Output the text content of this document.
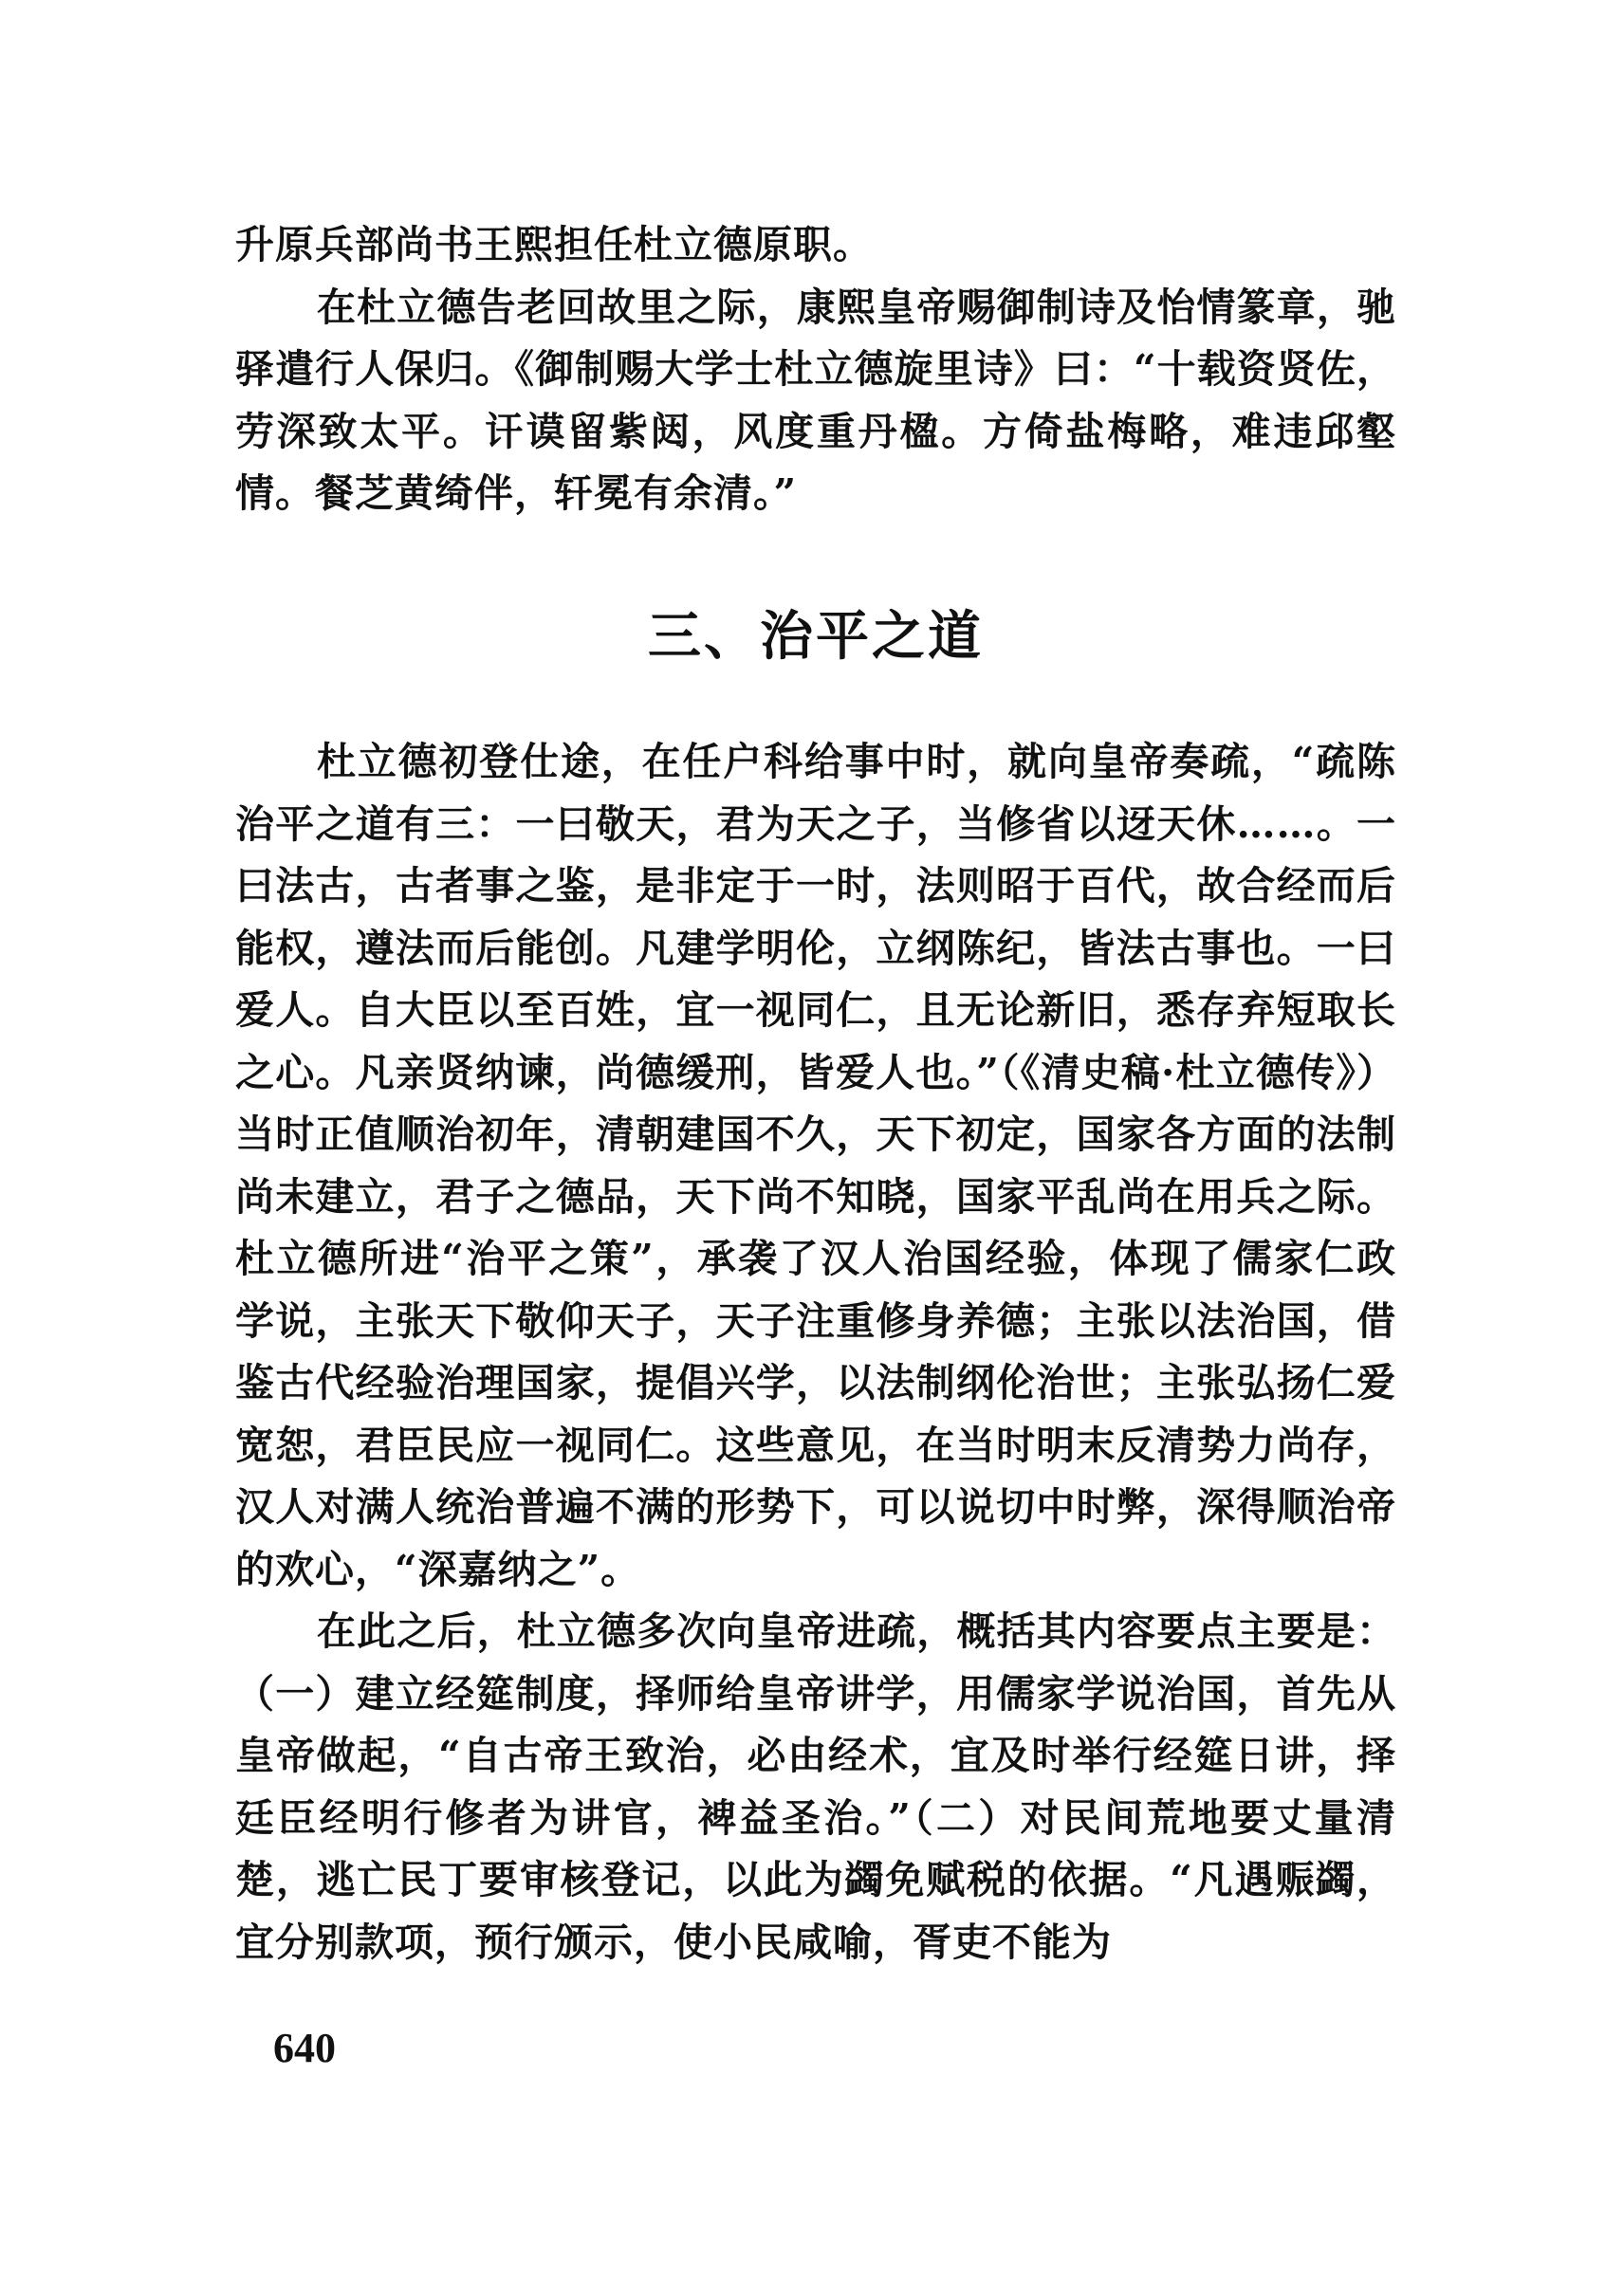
升原兵部尚书王熙担任杜立德原职。

在杜立德告老回故里之际，康熙皇帝赐御制诗及怡情篆章，驰驿遣行人保归。《御制赐大学士杜立德旋里诗》曰：“十载资贤佐，劳深致太平。讦谟留紫闼，风度重丹楹。方倚盐梅略，难违邱壑情。餐芝黄绮伴，轩冕有余清。”

三、治平之道

杜立德初登仕途，在任户科给事中时，就向皇帝奏疏，“疏陈治平之道有三：一曰敬天，君为天之子，当修省以迓天休……。一曰法古，古者事之鉴，是非定于一时，法则昭于百代，故合经而后能权，遵法而后能创。凡建学明伦，立纲陈纪，皆法古事也。一曰爱人。自大臣以至百姓，宜一视同仁，且无论新旧，悉存弃短取长之心。凡亲贤纳谏，尚德缓刑，皆爱人也。”（《清史稿·杜立德传》）当时正值顺治初年，清朝建国不久，天下初定，国家各方面的法制尚未建立，君子之德品，天下尚不知晓，国家平乱尚在用兵之际。杜立德所进“治平之策”，承袭了汉人治国经验，体现了儒家仁政学说，主张天下敬仰天子，天子注重修身养德；主张以法治国，借鉴古代经验治理国家，提倡兴学，以法制纲伦治世；主张弘扬仁爱宽恕，君臣民应一视同仁。这些意见，在当时明末反清势力尚存，汉人对满人统治普遍不满的形势下，可以说切中时弊，深得顺治帝的欢心，“深嘉纳之”。

在此之后，杜立德多次向皇帝进疏，概括其内容要点主要是：（一）建立经筵制度，择师给皇帝讲学，用儒家学说治国，首先从皇帝做起，“自古帝王致治，必由经术，宜及时举行经筵日讲，择廷臣经明行修者为讲官，裨益圣治。”（二）对民间荒地要丈量清楚，逃亡民丁要审核登记，以此为蠲免赋税的依据。“凡遇赈蠲，宜分别款项，预行颁示，使小民咸喻，胥吏不能为

640
